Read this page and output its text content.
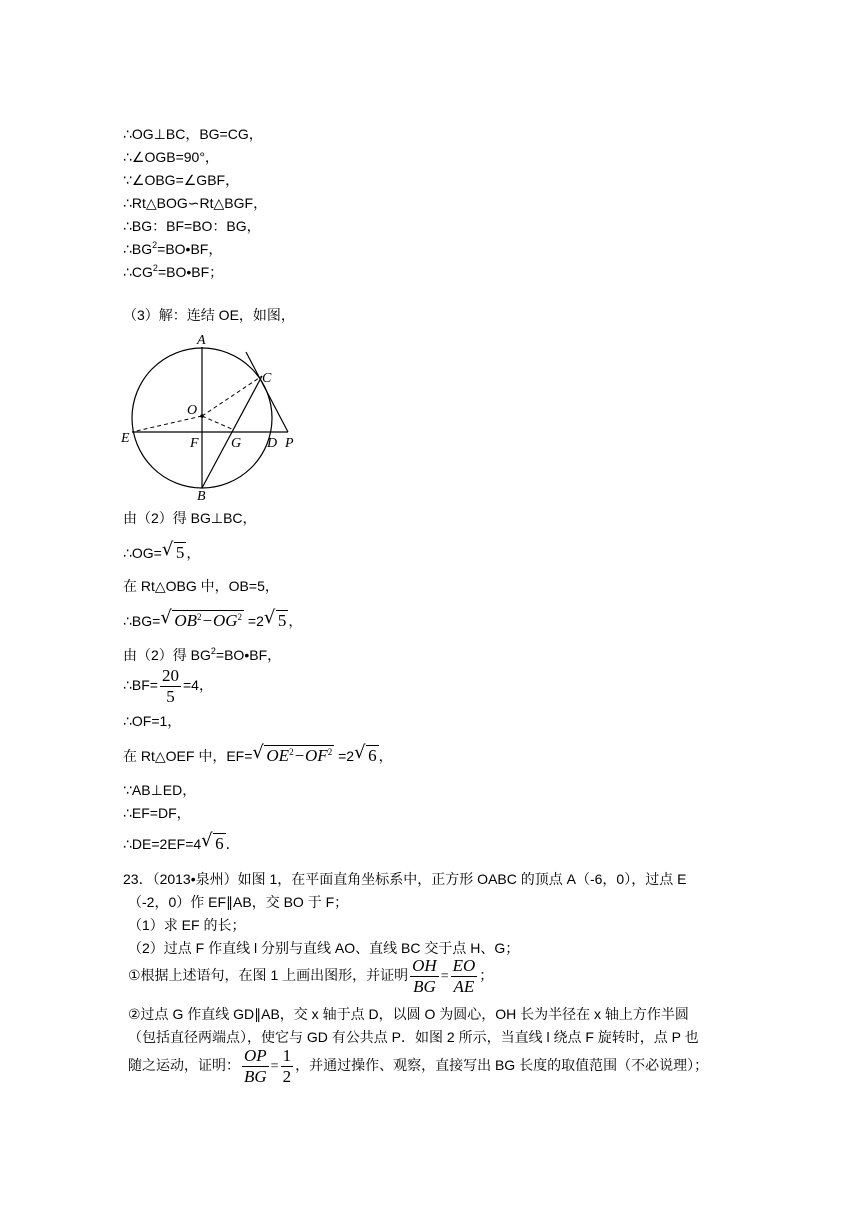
∴OG⊥BC，BG=CG，
∴∠OGB=90°，
∵∠OBG=∠GBF，
∴Rt△BOG∽Rt△BGF，
∴BG：BF=BO：BG，
$\therefore BG^2=BO•BF$，
$\therefore CG^2=BO•BF$；
（3）解：连结 OE，如图，
A
C
O
E	F G D P
B
由（2）得 BG⊥BC，
∴OG= √ 5 ，
在 Rt△OBG 中，OB=5，
∴BG= √ $OB^2-OG^2 =2$ √ 5 ，
由（2）得 $BG^2=BO•BF$，
∴BF= $\frac{20}{5} =4$，
∴OF=1，
在 Rt△OEF 中，EF= √ $OE^2-OF^2 =2$ √ 6 ，
∵AB⊥ED，
∴EF=DF，
∴DE=2EF=4 √ 6 ．
23．（2013•泉州）如图 1，在平面直角坐标系中，正方形 OABC 的顶点 A（-6，0），过点 E
（-2，0）作 EF∥AB，交 BO 于 F；
（1）求 EF 的长；
（2）过点 F 作直线 l 分别与直线 AO、直线 BC 交于点 H、G；
①根据上述语句，在图 1 上画出图形，并证明 $\frac{OH}{BG} = \frac{EO}{AE}$ ；
②过点 G 作直线 GD∥AB，交 x 轴于点 D，以圆 O 为圆心，OH 长为半径在 x 轴上方作半圆
（包括直径两端点），使它与 GD 有公共点 P．如图 2 所示，当直线 l 绕点 F 旋转时，点 P 也
随之运动，证明： $\frac{OP}{BG} = \frac{1}{2}$ ，并通过操作、观察，直接写出 BG 长度的取值范围（不必说理）；
